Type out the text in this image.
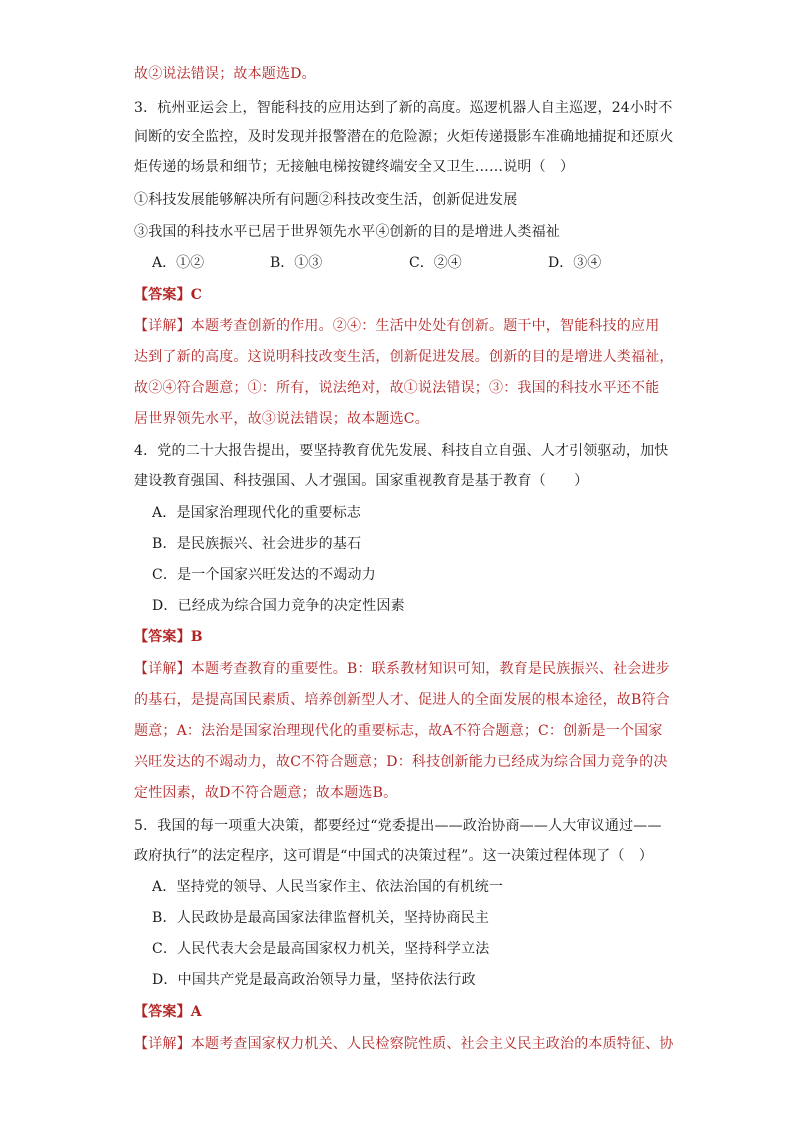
故②说法错误；故本题选D。
3．杭州亚运会上，智能科技的应用达到了新的高度。巡逻机器人自主巡逻，24小时不
间断的安全监控，及时发现并报警潜在的危险源；火炬传递摄影车准确地捕捉和还原火
炬传递的场景和细节；无接触电梯按键终端安全又卫生……说明（　）
①科技发展能够解决所有问题②科技改变生活，创新促进发展
③我国的科技水平已居于世界领先水平④创新的目的是增进人类福祉
A．①②	B．①③	C．②④	D．③④
【答案】C
【详解】本题考查创新的作用。②④：生活中处处有创新。题干中，智能科技的应用
达到了新的高度。这说明科技改变生活，创新促进发展。创新的目的是增进人类福祉，
故②④符合题意；①：所有，说法绝对，故①说法错误；③：我国的科技水平还不能
居世界领先水平，故③说法错误；故本题选C。
4．党的二十大报告提出，要坚持教育优先发展、科技自立自强、人才引领驱动，加快
建设教育强国、科技强国、人才强国。国家重视教育是基于教育（　　）
A．是国家治理现代化的重要标志
B．是民族振兴、社会进步的基石
C．是一个国家兴旺发达的不竭动力
D．已经成为综合国力竞争的决定性因素
【答案】B
【详解】本题考查教育的重要性。B：联系教材知识可知，教育是民族振兴、社会进步
的基石，是提高国民素质、培养创新型人才、促进人的全面发展的根本途径，故B符合
题意；A：法治是国家治理现代化的重要标志，故A不符合题意；C：创新是一个国家
兴旺发达的不竭动力，故C不符合题意；D：科技创新能力已经成为综合国力竞争的决
定性因素，故D不符合题意；故本题选B。
5．我国的每一项重大决策，都要经过“党委提出——政治协商——人大审议通过——
政府执行”的法定程序，这可谓是“中国式的决策过程”。这一决策过程体现了（　）
A．坚持党的领导、人民当家作主、依法治国的有机统一
B．人民政协是最高国家法律监督机关，坚持协商民主
C．人民代表大会是最高国家权力机关，坚持科学立法
D．中国共产党是最高政治领导力量，坚持依法行政
【答案】A
【详解】本题考查国家权力机关、人民检察院性质、社会主义民主政治的本质特征、协
